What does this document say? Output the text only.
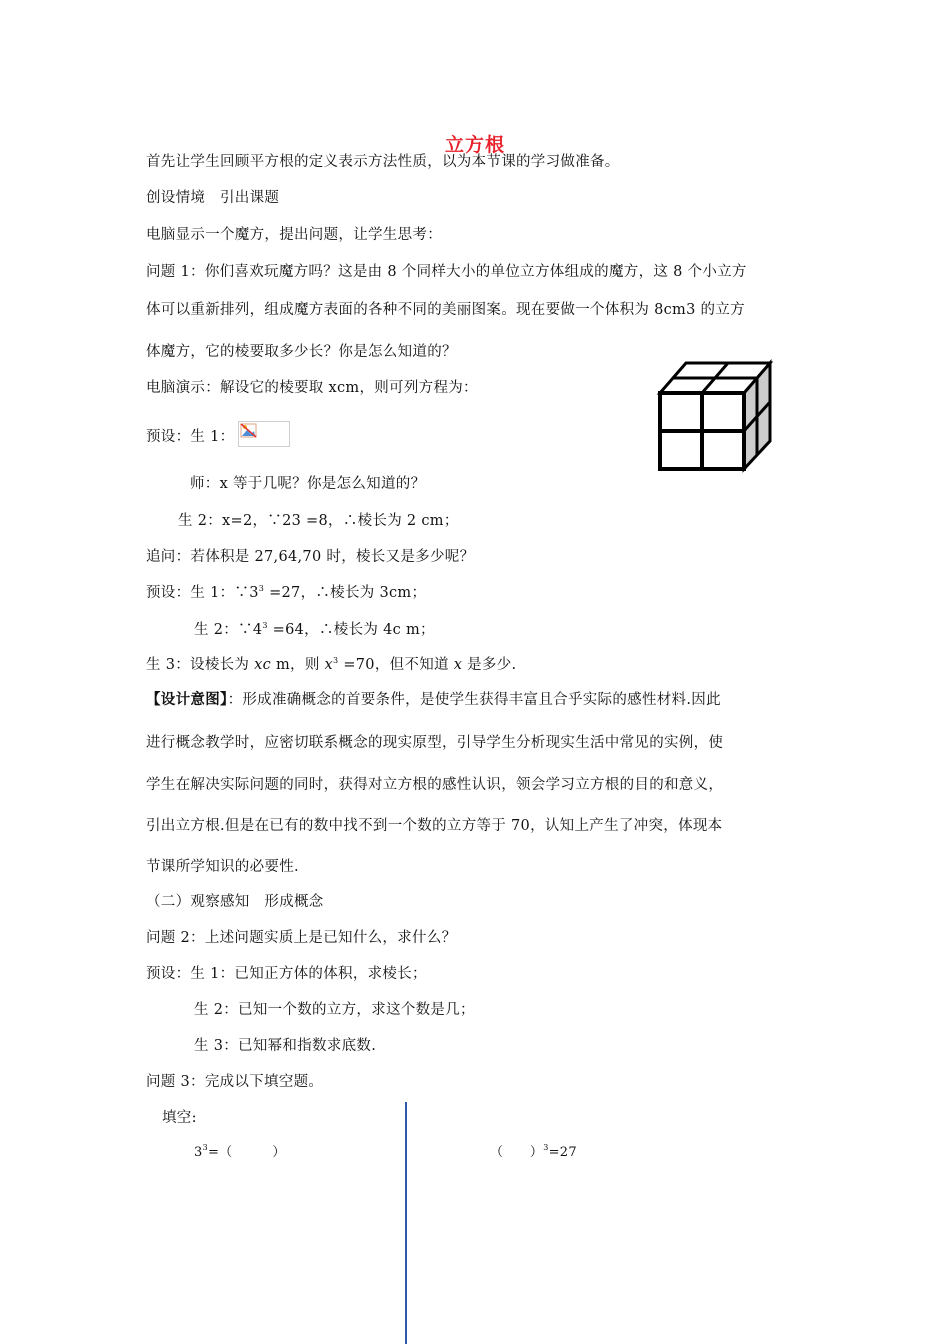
立方根
首先让学生回顾平方根的定义表示方法性质，以为本节课的学习做准备。
创设情境　引出课题
电脑显示一个魔方，提出问题，让学生思考：
问题 1：你们喜欢玩魔方吗？这是由 8 个同样大小的单位立方体组成的魔方，这 8 个小立方
体可以重新排列，组成魔方表面的各种不同的美丽图案。现在要做一个体积为 8cm3 的立方
体魔方，它的棱要取多少长？你是怎么知道的？
电脑演示：解设它的棱要取 xcm，则可列方程为：
预设：生 1：
师：x 等于几呢？你是怎么知道的？
生 2：x=2，∵23 =8，∴棱长为 2 cm；
追问：若体积是 27,64,70 时，棱长又是多少呢？
预设：生 1：$\because 3^3 =27$，∴棱长为 3cm；
生 2：$\because 4^3 =64$，∴棱长为 4c m；
生 3：设棱长为 xc m，则 $x^3 =70$，但不知道 x 是多少.
【设计意图】：形成准确概念的首要条件，是使学生获得丰富且合乎实际的感性材料.因此
进行概念教学时，应密切联系概念的现实原型，引导学生分析现实生活中常见的实例，使
学生在解决实际问题的同时，获得对立方根的感性认识，领会学习立方根的目的和意义，
引出立方根.但是在已有的数中找不到一个数的立方等于 70，认知上产生了冲突，体现本
节课所学知识的必要性.
（二）观察感知　形成概念
问题 2：上述问题实质上是已知什么，求什么？
预设：生 1：已知正方体的体积，求棱长；
生 2：已知一个数的立方，求这个数是几；
生 3：已知幂和指数求底数.
问题 3：完成以下填空题。
填空:
$3^3=$（　　　）	（　　）$^3$=27
